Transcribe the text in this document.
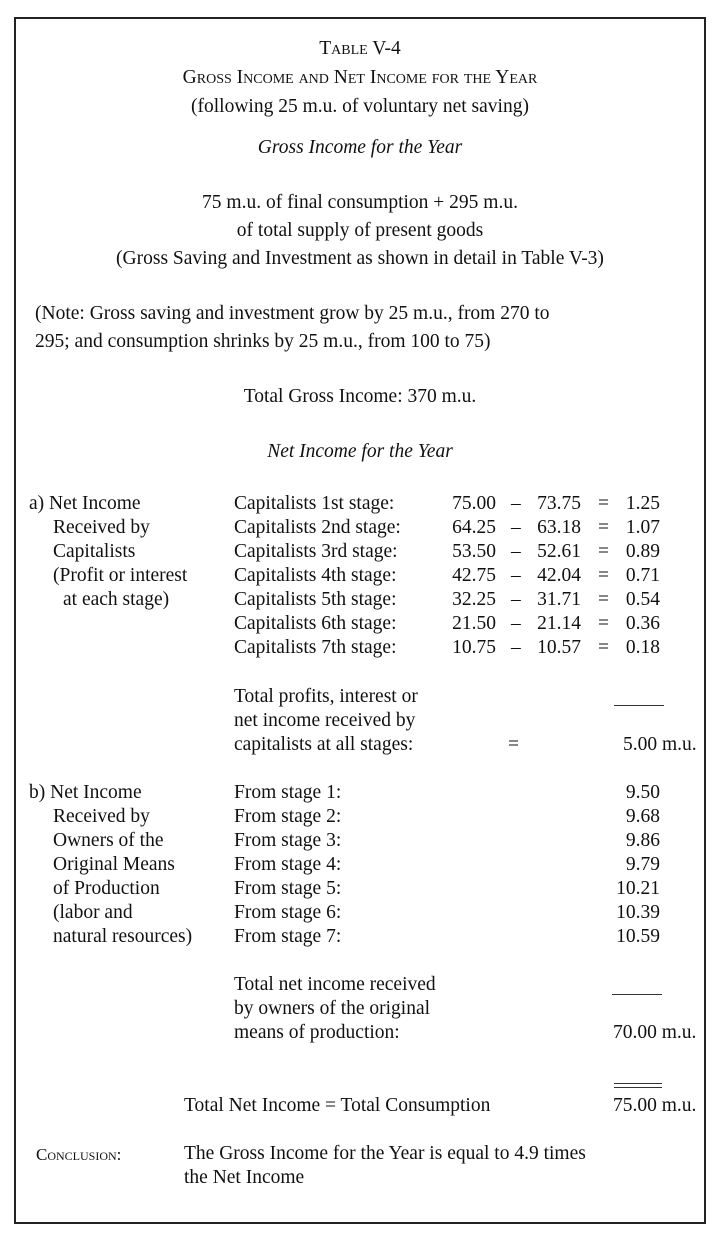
Table V-4
Gross Income and Net Income for the Year
(following 25 m.u. of voluntary net saving)
Gross Income for the Year
75 m.u. of final consumption + 295 m.u.
of total supply of present goods
(Gross Saving and Investment as shown in detail in Table V-3)
(Note: Gross saving and investment grow by 25 m.u., from 270 to
295; and consumption shrinks by 25 m.u., from 100 to 75)
Total Gross Income: 370 m.u.
Net Income for the Year
a) Net Income
Received by
Capitalists
(Profit or interest
at each stage)
Capitalists 1st stage:	75.00 – 73.75 = 1.25
Capitalists 2nd stage:	64.25 – 63.18 = 1.07
Capitalists 3rd stage:	53.50 – 52.61 = 0.89
Capitalists 4th stage:	42.75 – 42.04 = 0.71
Capitalists 5th stage:	32.25 – 31.71 = 0.54
Capitalists 6th stage:	21.50 – 21.14 = 0.36
Capitalists 7th stage:	10.75 – 10.57 = 0.18
Total profits, interest or
net income received by
capitalists at all stages:	=	5.00 m.u.
b) Net Income
Received by
Owners of the
Original Means
of Production
(labor and
natural resources)
From stage 1:	9.50
From stage 2:	9.68
From stage 3:	9.86
From stage 4:	9.79
From stage 5:	10.21
From stage 6:	10.39
From stage 7:	10.59
Total net income received
by owners of the original
means of production:	70.00 m.u.
Total Net Income = Total Consumption	75.00 m.u.
Conclusion:	The Gross Income for the Year is equal to 4.9 times
the Net Income
